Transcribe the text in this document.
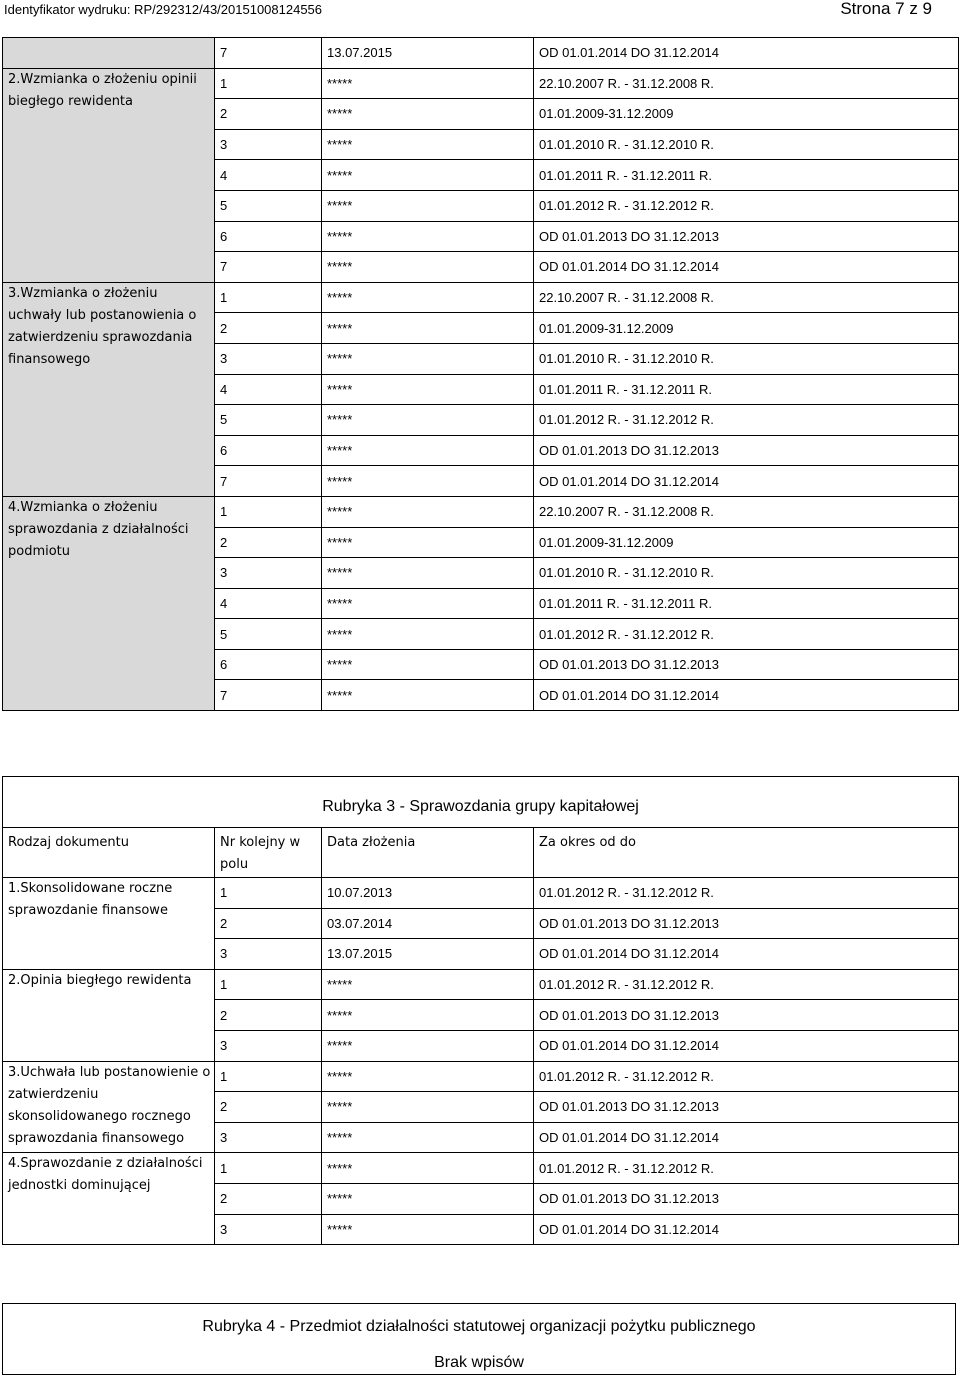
Identyfikator wydruku: RP/292312/43/20151008124556	Strona 7 z 9
	7	13.07.2015	OD 01.01.2014 DO 31.12.2014
2.Wzmianka o złożeniu opinii biegłego rewidenta	1	*****	22.10.2007 R. - 31.12.2008 R.
	2	*****	01.01.2009-31.12.2009
	3	*****	01.01.2010 R. - 31.12.2010 R.
	4	*****	01.01.2011 R. - 31.12.2011 R.
	5	*****	01.01.2012 R. - 31.12.2012 R.
	6	*****	OD 01.01.2013 DO 31.12.2013
	7	*****	OD 01.01.2014 DO 31.12.2014
3.Wzmianka o złożeniu uchwały lub postanowienia o zatwierdzeniu sprawozdania finansowego	1	*****	22.10.2007 R. - 31.12.2008 R.
	2	*****	01.01.2009-31.12.2009
	3	*****	01.01.2010 R. - 31.12.2010 R.
	4	*****	01.01.2011 R. - 31.12.2011 R.
	5	*****	01.01.2012 R. - 31.12.2012 R.
	6	*****	OD 01.01.2013 DO 31.12.2013
	7	*****	OD 01.01.2014 DO 31.12.2014
4.Wzmianka o złożeniu sprawozdania z działalności podmiotu	1	*****	22.10.2007 R. - 31.12.2008 R.
	2	*****	01.01.2009-31.12.2009
	3	*****	01.01.2010 R. - 31.12.2010 R.
	4	*****	01.01.2011 R. - 31.12.2011 R.
	5	*****	01.01.2012 R. - 31.12.2012 R.
	6	*****	OD 01.01.2013 DO 31.12.2013
	7	*****	OD 01.01.2014 DO 31.12.2014
Rubryka 3 - Sprawozdania grupy kapitałowej			
Rodzaj dokumentu	Nr kolejny w polu	Data złożenia	Za okres od do
1.Skonsolidowane roczne sprawozdanie finansowe	1	10.07.2013	01.01.2012 R. - 31.12.2012 R.
	2	03.07.2014	OD 01.01.2013 DO 31.12.2013
	3	13.07.2015	OD 01.01.2014 DO 31.12.2014
2.Opinia biegłego rewidenta	1	*****	01.01.2012 R. - 31.12.2012 R.
	2	*****	OD 01.01.2013 DO 31.12.2013
	3	*****	OD 01.01.2014 DO 31.12.2014
3.Uchwała lub postanowienie o zatwierdzeniu skonsolidowanego rocznego sprawozdania finansowego	1	*****	01.01.2012 R. - 31.12.2012 R.
	2	*****	OD 01.01.2013 DO 31.12.2013
	3	*****	OD 01.01.2014 DO 31.12.2014
4.Sprawozdanie z działalności jednostki dominującej	1	*****	01.01.2012 R. - 31.12.2012 R.
	2	*****	OD 01.01.2013 DO 31.12.2013
	3	*****	OD 01.01.2014 DO 31.12.2014
Rubryka 4 - Przedmiot działalności statutowej organizacji pożytku publicznego
Brak wpisów
